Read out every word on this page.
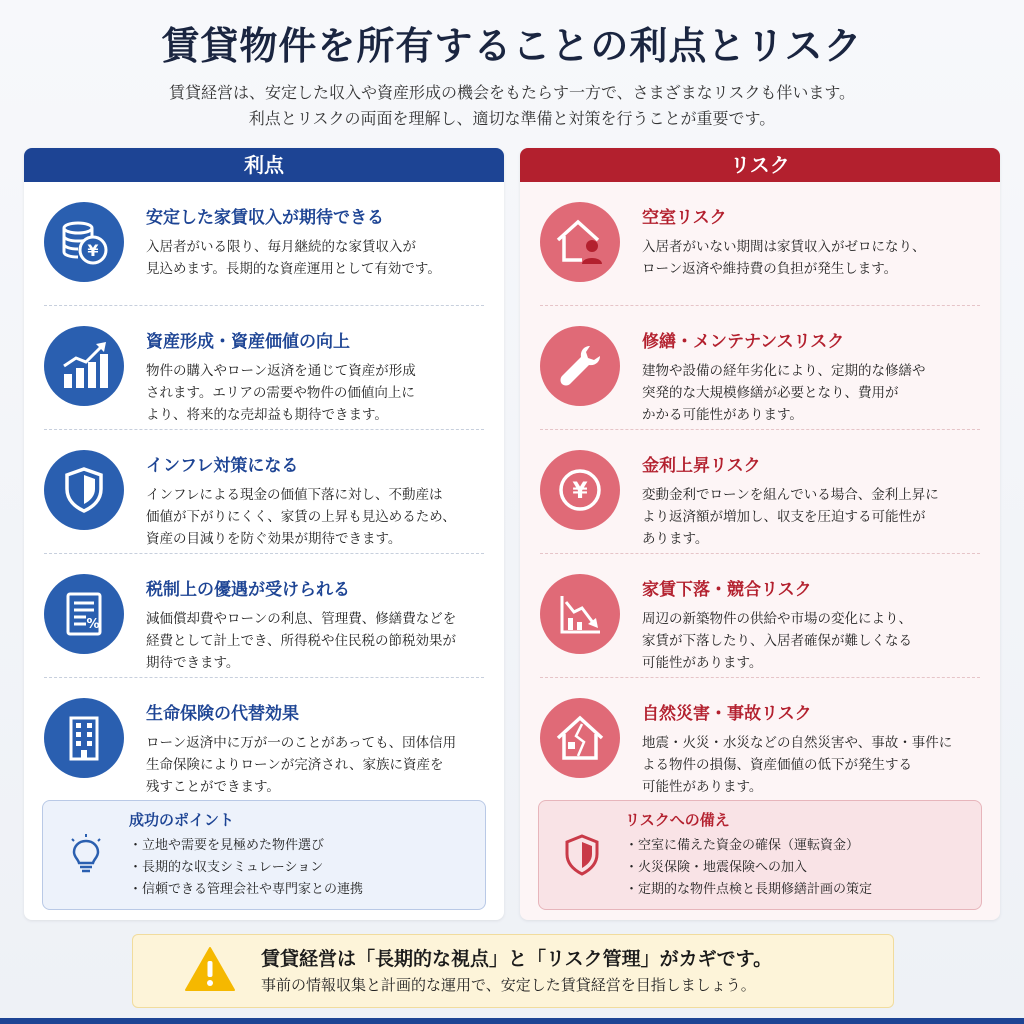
賃貸物件を所有することの利点とリスク

賃貸経営は、安定した収入や資産形成の機会をもたらす一方で、さまざまなリスクも伴います。
利点とリスクの両面を理解し、適切な準備と対策を行うことが重要です。

利点
¥
安定した家賃収入が期待できる
入居者がいる限り、毎月継続的な家賃収入が
見込めます。長期的な資産運用として有効です。
資産形成・資産価値の向上
物件の購入やローン返済を通じて資産が形成
されます。エリアの需要や物件の価値向上に
より、将来的な売却益も期待できます。
インフレ対策になる
インフレによる現金の価値下落に対し、不動産は
価値が下がりにくく、家賃の上昇も見込めるため、
資産の目減りを防ぐ効果が期待できます。
%
税制上の優遇が受けられる
減価償却費やローンの利息、管理費、修繕費などを
経費として計上でき、所得税や住民税の節税効果が
期待できます。
生命保険の代替効果
ローン返済中に万が一のことがあっても、団体信用
生命保険によりローンが完済され、家族に資産を
残すことができます。
成功のポイント
・立地や需要を見極めた物件選び
・長期的な収支シミュレーション
・信頼できる管理会社や専門家との連携
リスク
空室リスク
入居者がいない期間は家賃収入がゼロになり、
ローン返済や維持費の負担が発生します。
修繕・メンテナンスリスク
建物や設備の経年劣化により、定期的な修繕や
突発的な大規模修繕が必要となり、費用が
かかる可能性があります。
¥
金利上昇リスク
変動金利でローンを組んでいる場合、金利上昇に
より返済額が増加し、収支を圧迫する可能性が
あります。
家賃下落・競合リスク
周辺の新築物件の供給や市場の変化により、
家賃が下落したり、入居者確保が難しくなる
可能性があります。
自然災害・事故リスク
地震・火災・水災などの自然災害や、事故・事件に
よる物件の損傷、資産価値の低下が発生する
可能性があります。
リスクへの備え
・空室に備えた資金の確保（運転資金）
・火災保険・地震保険への加入
・定期的な物件点検と長期修繕計画の策定
賃貸経営は「長期的な視点」と「リスク管理」がカギです。
事前の情報収集と計画的な運用で、安定した賃貸経営を目指しましょう。
